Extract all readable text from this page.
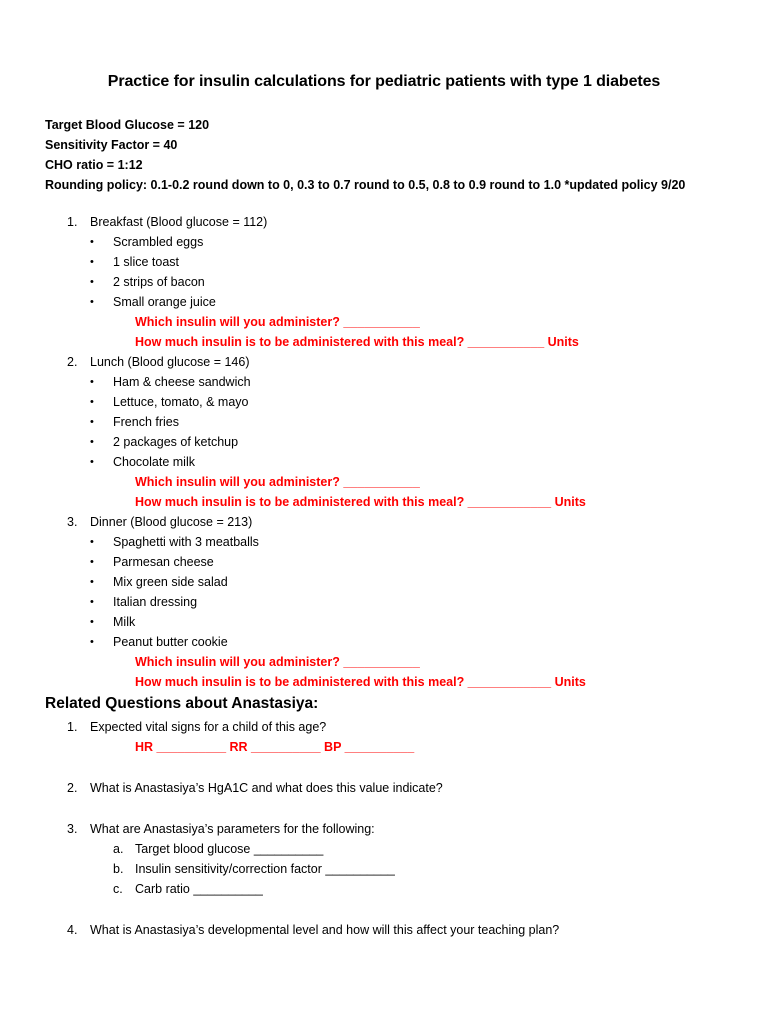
Practice for insulin calculations for pediatric patients with type 1 diabetes
Target Blood Glucose = 120
Sensitivity Factor = 40
CHO ratio = 1:12
Rounding policy: 0.1-0.2 round down to 0, 0.3 to 0.7 round to 0.5, 0.8 to 0.9 round to 1.0 *updated policy 9/20
1. Breakfast (Blood glucose = 112)
• Scrambled eggs
• 1 slice toast
• 2 strips of bacon
• Small orange juice
Which insulin will you administer? ___________
How much insulin is to be administered with this meal? ___________ Units
2. Lunch (Blood glucose = 146)
• Ham & cheese sandwich
• Lettuce, tomato, & mayo
• French fries
• 2 packages of ketchup
• Chocolate milk
Which insulin will you administer? ___________
How much insulin is to be administered with this meal? ____________ Units
3. Dinner (Blood glucose = 213)
• Spaghetti with 3 meatballs
• Parmesan cheese
• Mix green side salad
• Italian dressing
• Milk
• Peanut butter cookie
Which insulin will you administer? ___________
How much insulin is to be administered with this meal? ____________ Units
Related Questions about Anastasiya:
1. Expected vital signs for a child of this age?
HR __________ RR __________ BP __________
2. What is Anastasiya’s HgA1C and what does this value indicate?
3. What are Anastasiya’s parameters for the following:
a. Target blood glucose __________
b. Insulin sensitivity/correction factor __________
c. Carb ratio __________
4. What is Anastasiya’s developmental level and how will this affect your teaching plan?
